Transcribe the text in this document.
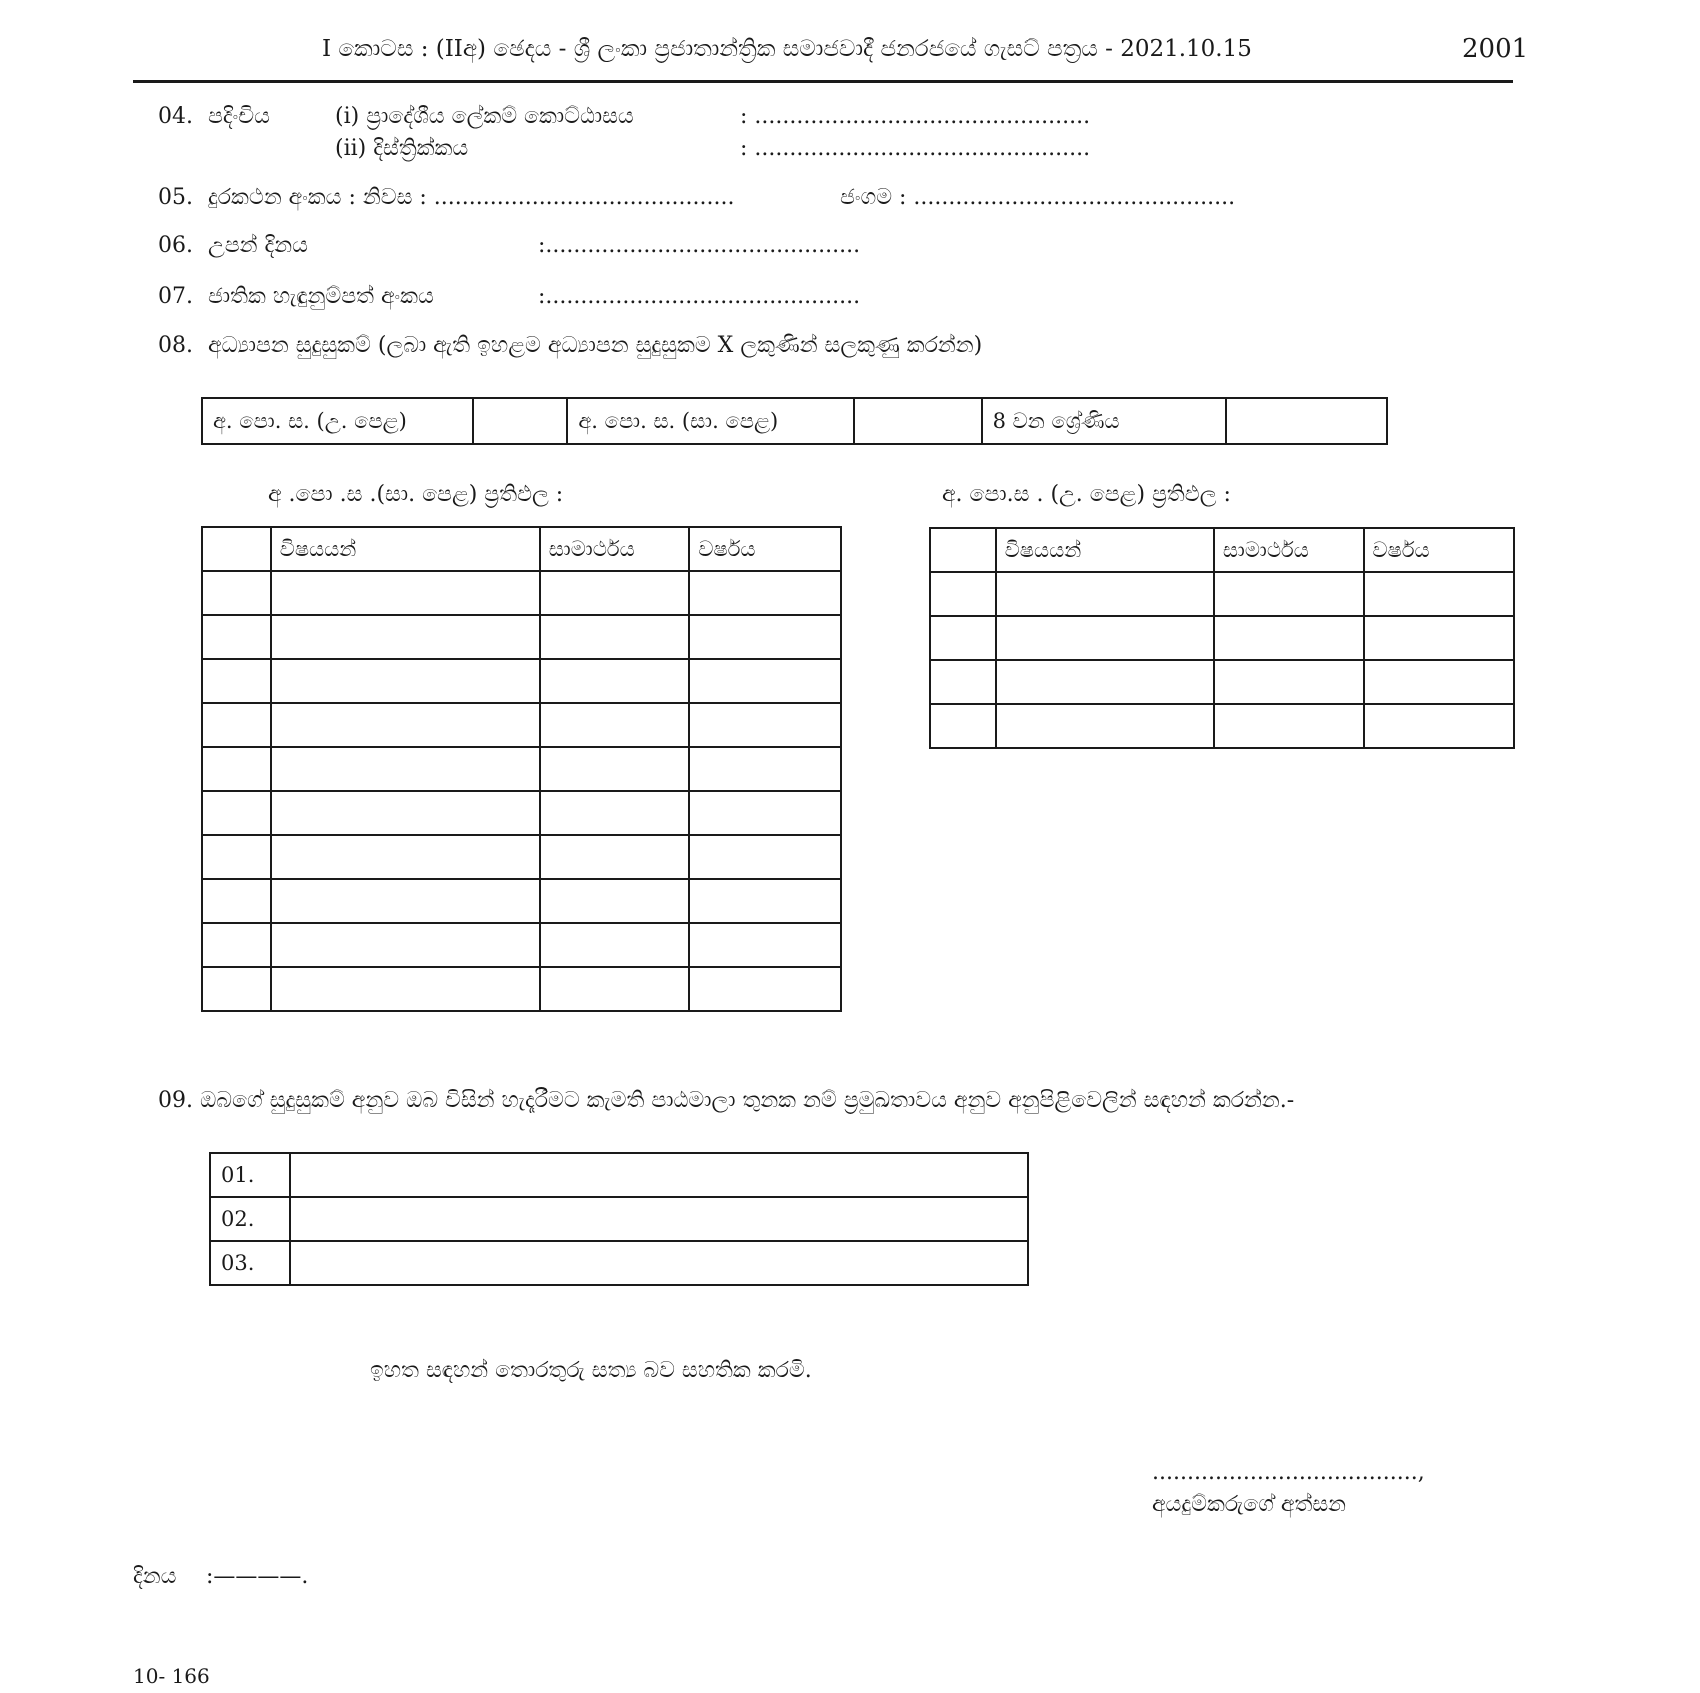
I කොටස : (IIඅ) ඡෙදය - ශ්‍රී ලංකා ප්‍රජාතාන්ත්‍රික සමාජවාදී ජනරජයේ ගැසට් පත්‍රය - 2021.10.15	2001
04. පදිංචිය	(i) ප්‍රාදේශීය ලේකම් කොට්ඨාසය	: ................................................
(ii) දිස්ත්‍රික්කය	: ................................................
05. දුරකථන අංකය : නිවස : ...........................................	ජංගම : ..............................................
06. උපන් දිනය	:.............................................
07. ජාතික හැඳුනුම්පත් අංකය	:.............................................
08. අධ්‍යාපන සුදුසුකම් (ලබා ඇති ඉහළම අධ්‍යාපන සුදුසුකම X ලකුණින් සලකුණු කරන්න)
අ. පො. ස. (උ. පෙළ)		අ. පො. ස. (සා. පෙළ)		8 වන ශ්‍රේණිය	
අ .පො .ස .(සා. පෙළ) ප්‍රතිඵල :	අ. පො.ස . (උ. පෙළ) ප්‍රතිඵල :
	විෂයයන්	සාමාර්ථය	වර්ෂය

		විෂයයන්	සාමාර්ථය	වර්ෂය

09. ඔබගේ සුදුසුකම් අනුව ඔබ විසින් හැදෑරීමට කැමති පාඨමාලා තුනක නම් ප්‍රමුඛතාවය අනුව අනුපිළිවෙලින් සඳහන් කරන්න.-
01.	
02.	
03.	
ඉහත සඳහන් තොරතුරු සත්‍ය බව සහතික කරමි.
......................................,
අයදුම්කරුගේ අත්සන
දිනය :————.
10- 166
